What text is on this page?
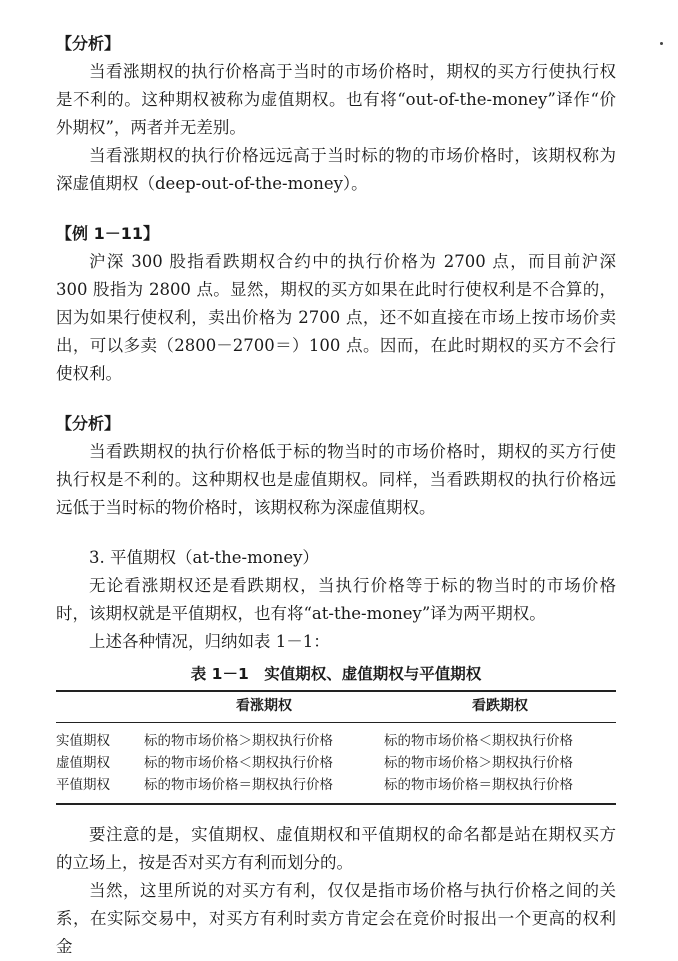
【分析】

当看涨期权的执行价格高于当时的市场价格时，期权的买方行使执行权是不利的。这种期权被称为虚值期权。也有将“out-of-the-money”译作“价外期权”，两者并无差别。

当看涨期权的执行价格远远高于当时标的物的市场价格时，该期权称为深虚值期权（deep-out-of-the-money）。

【例 1－11】

沪深 300 股指看跌期权合约中的执行价格为 2700 点，而目前沪深 300 股指为 2800 点。显然，期权的买方如果在此时行使权利是不合算的，因为如果行使权利，卖出价格为 2700 点，还不如直接在市场上按市场价卖出，可以多卖（2800－2700＝）100 点。因而，在此时期权的买方不会行使权利。

【分析】

当看跌期权的执行价格低于标的物当时的市场价格时，期权的买方行使执行权是不利的。这种期权也是虚值期权。同样，当看跌期权的执行价格远远低于当时标的物价格时，该期权称为深虚值期权。

3. 平值期权（at-the-money）

无论看涨期权还是看跌期权，当执行价格等于标的物当时的市场价格时，该期权就是平值期权，也有将“at-the-money”译为两平期权。

上述各种情况，归纳如表 1－1：

表 1－1　实值期权、虚值期权与平值期权
	看涨期权	看跌期权
实值期权	标的物市场价格＞期权执行价格	标的物市场价格＜期权执行价格
虚值期权	标的物市场价格＜期权执行价格	标的物市场价格＞期权执行价格
平值期权	标的物市场价格＝期权执行价格	标的物市场价格＝期权执行价格

要注意的是，实值期权、虚值期权和平值期权的命名都是站在期权买方的立场上，按是否对买方有利而划分的。

当然，这里所说的对买方有利，仅仅是指市场价格与执行价格之间的关系，在实际交易中，对买方有利时卖方肯定会在竞价时报出一个更高的权利金
